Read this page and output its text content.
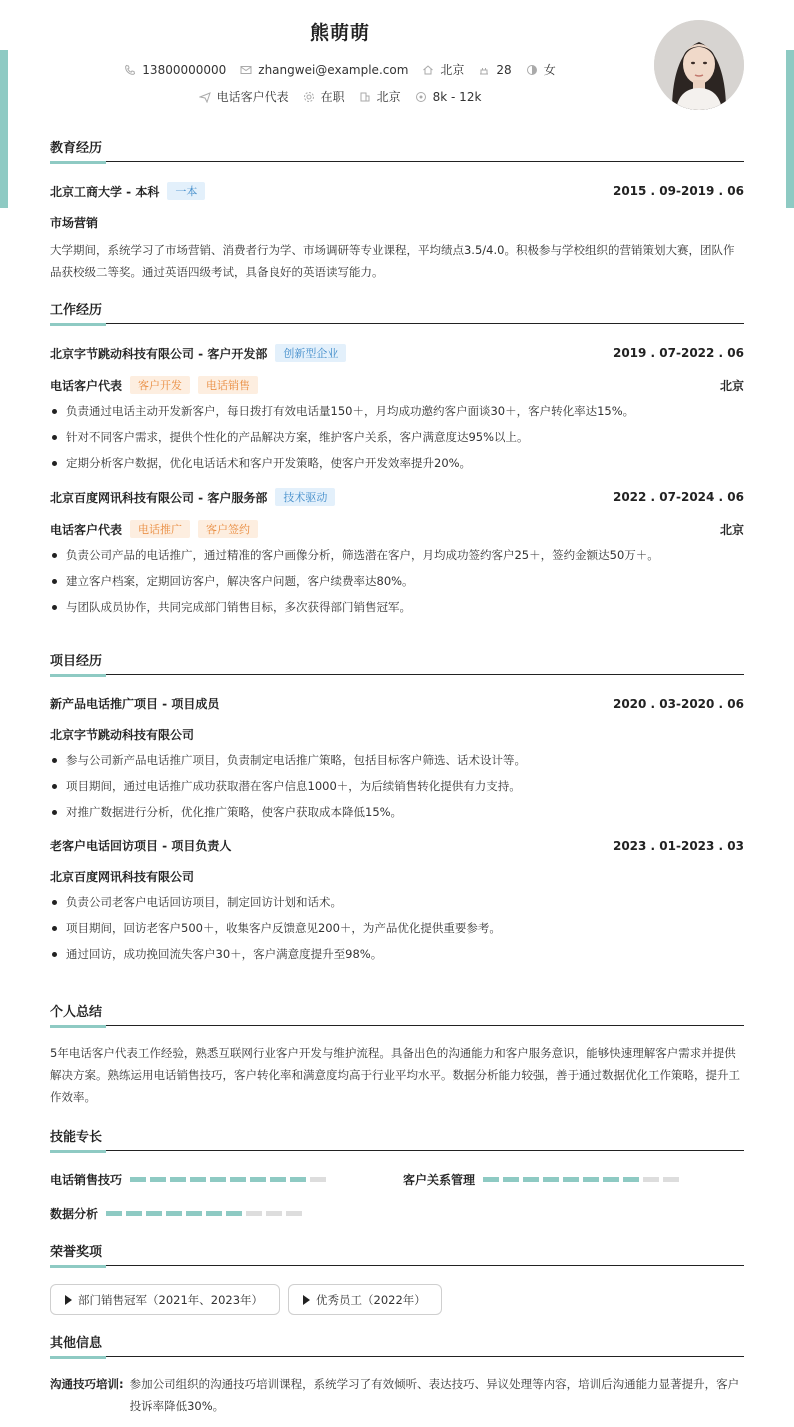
熊萌萌
13800000000	zhangwei@example.com	北京	28	女
电话客户代表	在职	北京	8k - 12k
教育经历
北京工商大学 - 本科	一本	2015 . 09-2019 . 06
市场营销
大学期间，系统学习了市场营销、消费者行为学、市场调研等专业课程，平均绩点3.5/4.0。积极参与学校组织的营销策划大赛，团队作品获校级二等奖。通过英语四级考试，具备良好的英语读写能力。
工作经历
北京字节跳动科技有限公司 - 客户开发部	创新型企业	2019 . 07-2022 . 06
电话客户代表	客户开发	电话销售	北京
负责通过电话主动开发新客户，每日拨打有效电话量150＋，月均成功邀约客户面谈30＋，客户转化率达15%。
针对不同客户需求，提供个性化的产品解决方案，维护客户关系，客户满意度达95%以上。
定期分析客户数据，优化电话话术和客户开发策略，使客户开发效率提升20%。
北京百度网讯科技有限公司 - 客户服务部	技术驱动	2022 . 07-2024 . 06
电话客户代表	电话推广	客户签约	北京
负责公司产品的电话推广，通过精准的客户画像分析，筛选潜在客户，月均成功签约客户25＋，签约金额达50万＋。
建立客户档案，定期回访客户，解决客户问题，客户续费率达80%。
与团队成员协作，共同完成部门销售目标，多次获得部门销售冠军。
项目经历
新产品电话推广项目 - 项目成员	2020 . 03-2020 . 06
北京字节跳动科技有限公司
参与公司新产品电话推广项目，负责制定电话推广策略，包括目标客户筛选、话术设计等。
项目期间，通过电话推广成功获取潜在客户信息1000＋，为后续销售转化提供有力支持。
对推广数据进行分析，优化推广策略，使客户获取成本降低15%。
老客户电话回访项目 - 项目负责人	2023 . 01-2023 . 03
北京百度网讯科技有限公司
负责公司老客户电话回访项目，制定回访计划和话术。
项目期间，回访老客户500＋，收集客户反馈意见200＋，为产品优化提供重要参考。
通过回访，成功挽回流失客户30＋，客户满意度提升至98%。
个人总结
5年电话客户代表工作经验，熟悉互联网行业客户开发与维护流程。具备出色的沟通能力和客户服务意识，能够快速理解客户需求并提供解决方案。熟练运用电话销售技巧，客户转化率和满意度均高于行业平均水平。数据分析能力较强，善于通过数据优化工作策略，提升工作效率。
技能专长
电话销售技巧	客户关系管理
数据分析
荣誉奖项
部门销售冠军（2021年、2023年）	优秀员工（2022年）
其他信息
沟通技巧培训: 参加公司组织的沟通技巧培训课程，系统学习了有效倾听、表达技巧、异议处理等内容，培训后沟通能力显著提升，客户投诉率降低30%。
